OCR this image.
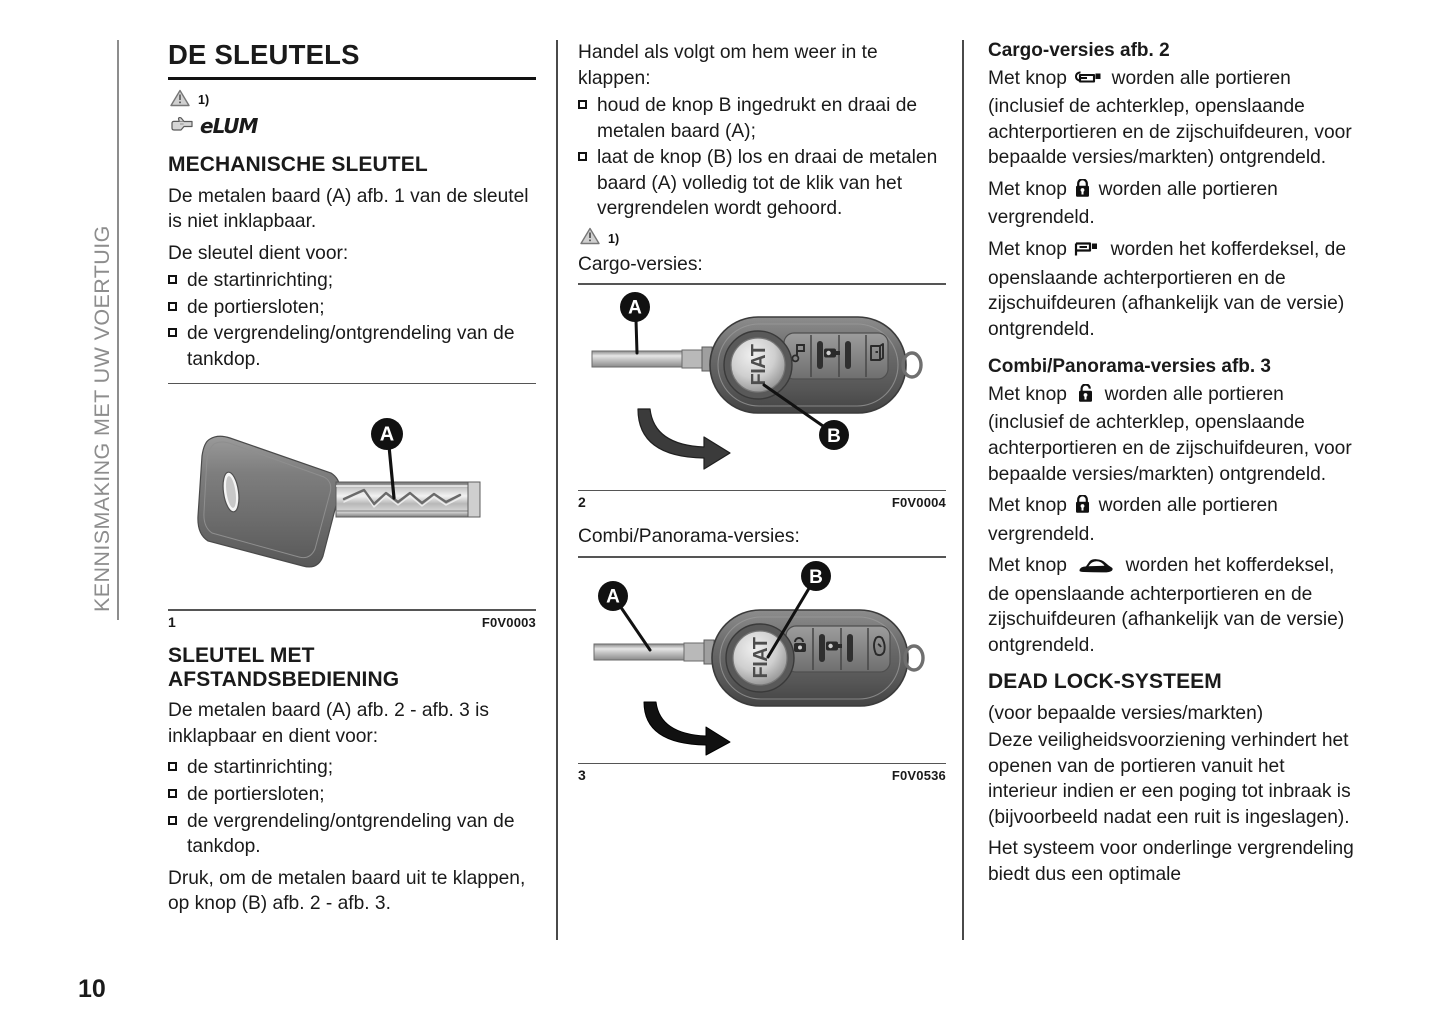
KENNISMAKING MET UW VOERTUIG
DE SLEUTELS
1)
eLUM
MECHANISCHE SLEUTEL

De metalen baard (A) afb. 1 van de sleutel is niet inklapbaar.

De sleutel dient voor:

de startinrichting;
de portiersloten;
de vergrendeling/ontgrendeling van de tankdop.
A
1	F0V0003
SLEUTEL MET AFSTANDSBEDIENING

De metalen baard (A) afb. 2 - afb. 3 is inklapbaar en dient voor:

de startinrichting;
de portiersloten;
de vergrendeling/ontgrendeling van de tankdop.

Druk, om de metalen baard uit te klappen, op knop (B) afb. 2 - afb. 3.

Handel als volgt om hem weer in te klappen:

houd de knop B ingedrukt en draai de metalen baard (A);
laat de knop (B) los en draai de metalen baard (A) volledig tot de klik van het vergrendelen wordt gehoord.
1)

Cargo-versies:

FIAT
A
B
2	F0V0004

Combi/Panorama-versies:

FIAT
A
B
3	F0V0536
Cargo-versies afb. 2

Met knop worden alle portieren (inclusief de achterklep, openslaande achterportieren en de zijschuifdeuren, voor bepaalde versies/markten) ontgrendeld.

Met knop worden alle portieren vergrendeld.

Met knop worden het kofferdeksel, de openslaande achterportieren en de zijschuifdeuren (afhankelijk van de versie) ontgrendeld.

Combi/Panorama-versies afb. 3

Met knop worden alle portieren (inclusief de achterklep, openslaande achterportieren en de zijschuifdeuren, voor bepaalde versies/markten) ontgrendeld.

Met knop worden alle portieren vergrendeld.

Met knop	worden het kofferdeksel, de openslaande achterportieren en de zijschuifdeuren (afhankelijk van de versie) ontgrendeld.

DEAD LOCK-SYSTEEM

(voor bepaalde versies/markten)

Deze veiligheidsvoorziening verhindert het openen van de portieren vanuit het interieur indien er een poging tot inbraak is (bijvoorbeeld nadat een ruit is ingeslagen).

Het systeem voor onderlinge vergrendeling biedt dus een optimale

10
